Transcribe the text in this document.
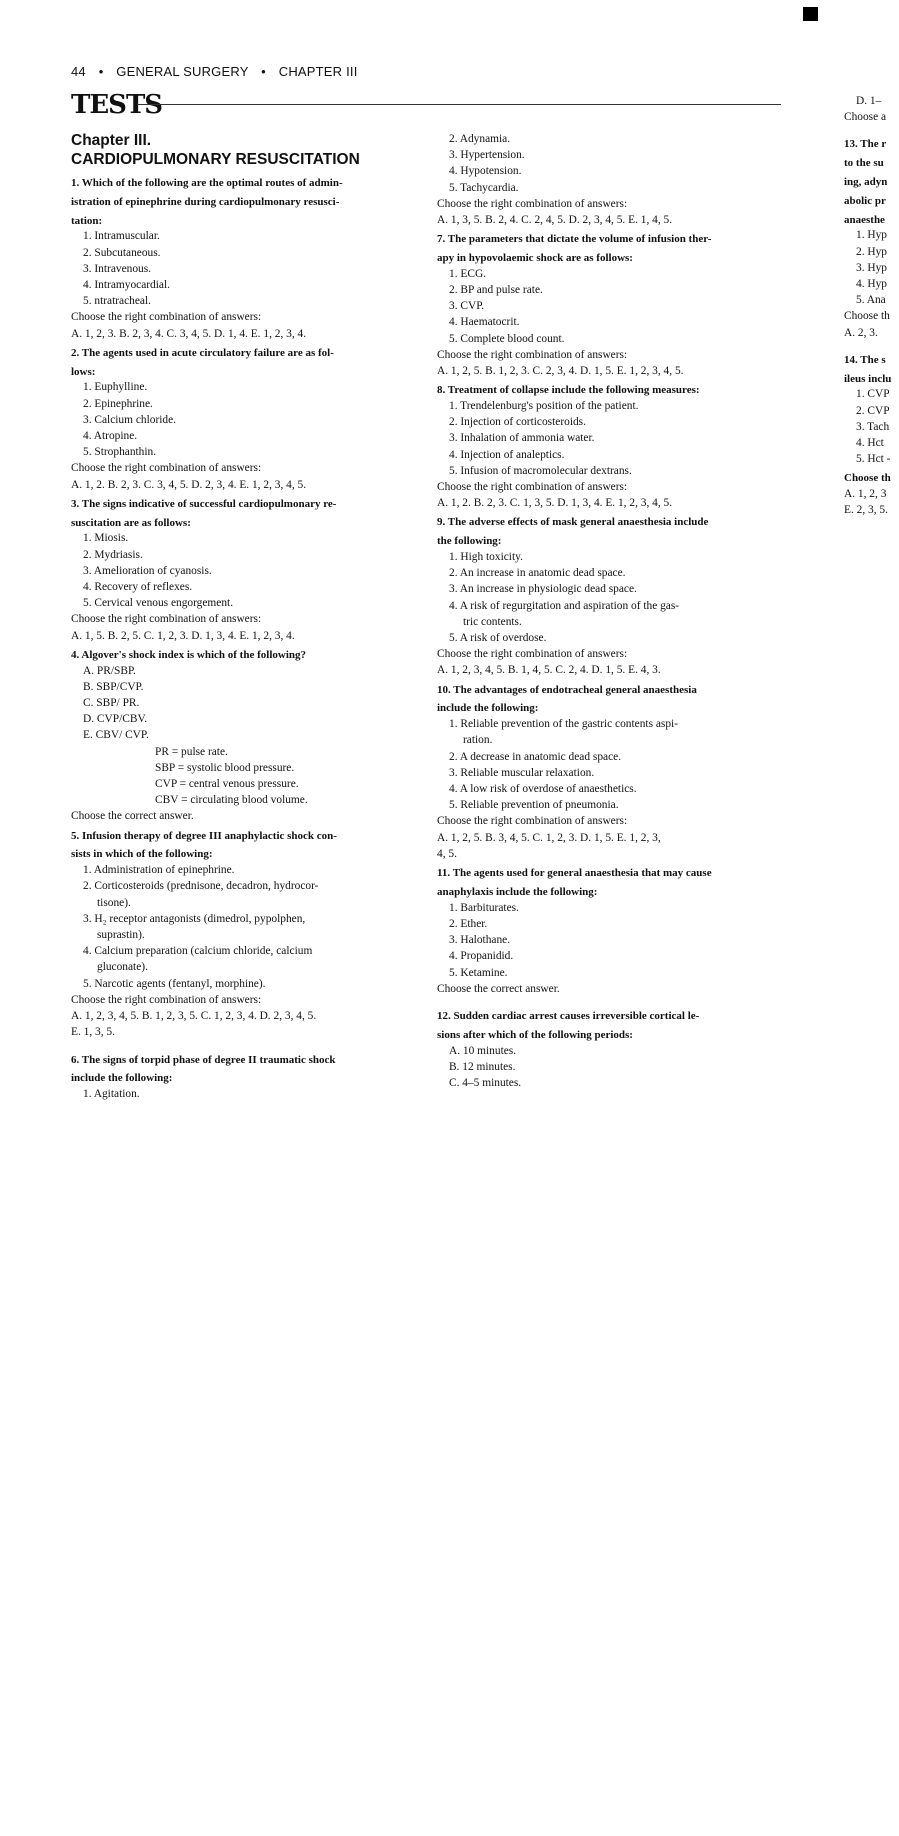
44 • GENERAL SURGERY • CHAPTER III
TESTS
Chapter III.
CARDIOPULMONARY RESUSCITATION
1. Which of the following are the optimal routes of admin-
istration of epinephrine during cardiopulmonary resusci-
tation:
1. Intramuscular.
2. Subcutaneous.
3. Intravenous.
4. Intramyocardial.
5. ntratracheal.
Choose the right combination of answers:
A. 1, 2, 3. B. 2, 3, 4. C. 3, 4, 5. D. 1, 4. E. 1, 2, 3, 4.
2. The agents used in acute circulatory failure are as fol-
lows:
1. Euphylline.
2. Epinephrine.
3. Calcium chloride.
4. Atropine.
5. Strophanthin.
Choose the right combination of answers:
A. 1, 2. B. 2, 3. C. 3, 4, 5. D. 2, 3, 4. E. 1, 2, 3, 4, 5.
3. The signs indicative of successful cardiopulmonary re-
suscitation are as follows:
1. Miosis.
2. Mydriasis.
3. Amelioration of cyanosis.
4. Recovery of reflexes.
5. Cervical venous engorgement.
Choose the right combination of answers:
A. 1, 5. B. 2, 5. C. 1, 2, 3. D. 1, 3, 4. E. 1, 2, 3, 4.
4. Algover's shock index is which of the following?
A. PR/SBP.
B. SBP/CVP.
C. SBP/ PR.
D. CVP/CBV.
E. CBV/ CVP.
PR = pulse rate.
SBP = systolic blood pressure.
CVP = central venous pressure.
CBV = circulating blood volume.
Choose the correct answer.
5. Infusion therapy of degree III anaphylactic shock con-
sists in which of the following:
1. Administration of epinephrine.
2. Corticosteroids (prednisone, decadron, hydrocor-
tisone).
3. H₂ receptor antagonists (dimedrol, pypolphen,
suprastin).
4. Calcium preparation (calcium chloride, calcium
gluconate).
5. Narcotic agents (fentanyl, morphine).
Choose the right combination of answers:
A. 1, 2, 3, 4, 5. B. 1, 2, 3, 5. C. 1, 2, 3, 4. D. 2, 3, 4, 5.
E. 1, 3, 5.
6. The signs of torpid phase of degree II traumatic shock
include the following:
1. Agitation.
2. Adynamia.
3. Hypertension.
4. Hypotension.
5. Tachycardia.
Choose the right combination of answers:
A. 1, 3, 5. B. 2, 4. C. 2, 4, 5. D. 2, 3, 4, 5. E. 1, 4, 5.
7. The parameters that dictate the volume of infusion ther-
apy in hypovolaemic shock are as follows:
1. ECG.
2. BP and pulse rate.
3. CVP.
4. Haematocrit.
5. Complete blood count.
Choose the right combination of answers:
A. 1, 2, 5. B. 1, 2, 3. C. 2, 3, 4. D. 1, 5. E. 1, 2, 3, 4, 5.
8. Treatment of collapse include the following measures:
1. Trendelenburg's position of the patient.
2. Injection of corticosteroids.
3. Inhalation of ammonia water.
4. Injection of analeptics.
5. Infusion of macromolecular dextrans.
Choose the right combination of answers:
A. 1, 2. B. 2, 3. C. 1, 3, 5. D. 1, 3, 4. E. 1, 2, 3, 4, 5.
9. The adverse effects of mask general anaesthesia include
the following:
1. High toxicity.
2. An increase in anatomic dead space.
3. An increase in physiologic dead space.
4. A risk of regurgitation and aspiration of the gas-
tric contents.
5. A risk of overdose.
Choose the right combination of answers:
A. 1, 2, 3, 4, 5. B. 1, 4, 5. C. 2, 4. D. 1, 5. E. 4, 3.
10. The advantages of endotracheal general anaesthesia
include the following:
1. Reliable prevention of the gastric contents aspi-
ration.
2. A decrease in anatomic dead space.
3. Reliable muscular relaxation.
4. A low risk of overdose of anaesthetics.
5. Reliable prevention of pneumonia.
Choose the right combination of answers:
A. 1, 2, 5. B. 3, 4, 5. C. 1, 2, 3. D. 1, 5. E. 1, 2, 3,
4, 5.
11. The agents used for general anaesthesia that may cause
anaphylaxis include the following:
1. Barbiturates.
2. Ether.
3. Halothane.
4. Propanidid.
5. Ketamine.
Choose the correct answer.
12. Sudden cardiac arrest causes irreversible cortical le-
sions after which of the following periods:
A. 10 minutes.
B. 12 minutes.
C. 4–5 minutes.
D. 1–
Choose a
13. The r
to the su
ing, adyn
abolic pr
anaesthe
1. Hyp
2. Hyp
3. Hyp
4. Hyp
5. Ana
Choose th
A. 2, 3.
14. The s
ileus inclu
1. CVP
2. CVP
3. Tach
4. Hct
5. Hct -
Choose th
A. 1, 2, 3
E. 2, 3, 5.
